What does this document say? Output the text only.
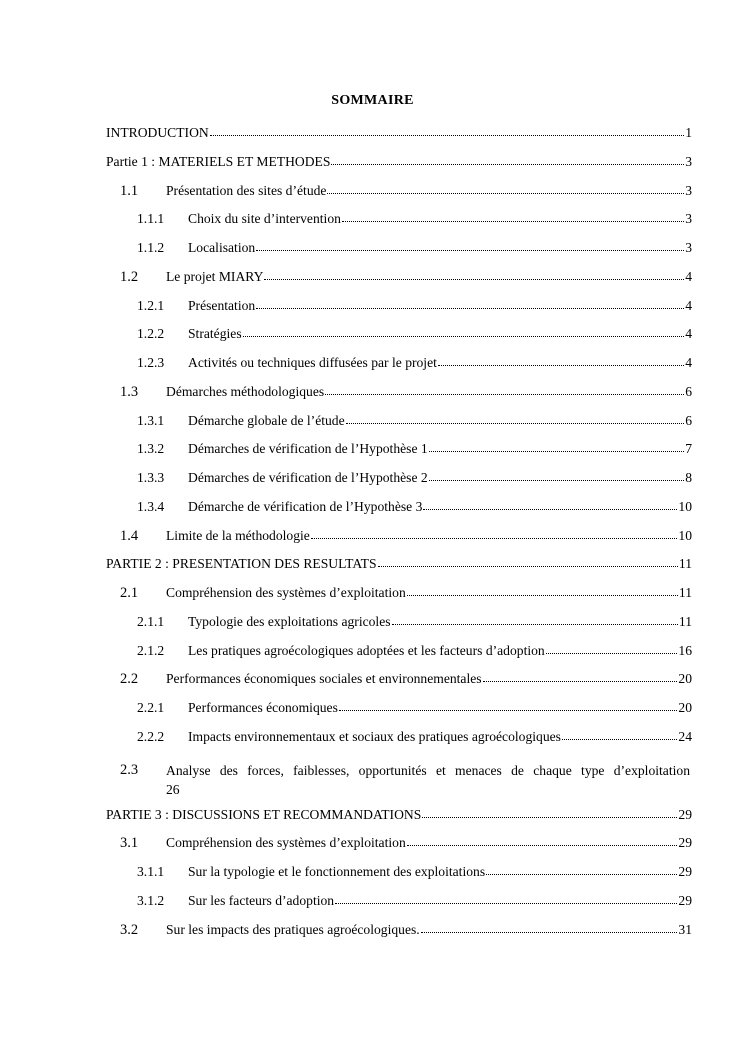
SOMMAIRE
INTRODUCTION	1
Partie 1 : MATERIELS ET METHODES	3
1.1	Présentation des sites d’étude	3
1.1.1	Choix du site d’intervention	3
1.1.2	Localisation	3
1.2	Le projet MIARY	4
1.2.1	Présentation	4
1.2.2	Stratégies	4
1.2.3	Activités ou techniques diffusées par le projet	4
1.3	Démarches méthodologiques	6
1.3.1	Démarche globale de l’étude	6
1.3.2	Démarches de vérification de l’Hypothèse 1	7
1.3.3	Démarches de vérification de l’Hypothèse 2	8
1.3.4	Démarche de vérification de l’Hypothèse 3	10
1.4	Limite de la méthodologie	10
PARTIE 2 : PRESENTATION DES RESULTATS	11
2.1	Compréhension des systèmes d’exploitation	11
2.1.1	Typologie des exploitations agricoles	11
2.1.2	Les pratiques agroécologiques adoptées et les facteurs d’adoption	16
2.2	Performances économiques sociales et environnementales	20
2.2.1	Performances économiques	20
2.2.2	Impacts environnementaux et sociaux des pratiques agroécologiques	24
2.3 Analyse des forces, faiblesses, opportunités et menaces de chaque type d’exploitation
26
PARTIE 3 : DISCUSSIONS ET RECOMMANDATIONS	29
3.1	Compréhension des systèmes d’exploitation	29
3.1.1	Sur la typologie et le fonctionnement des exploitations	29
3.1.2	Sur les facteurs d’adoption	29
3.2	Sur les impacts des pratiques agroécologiques.	31
